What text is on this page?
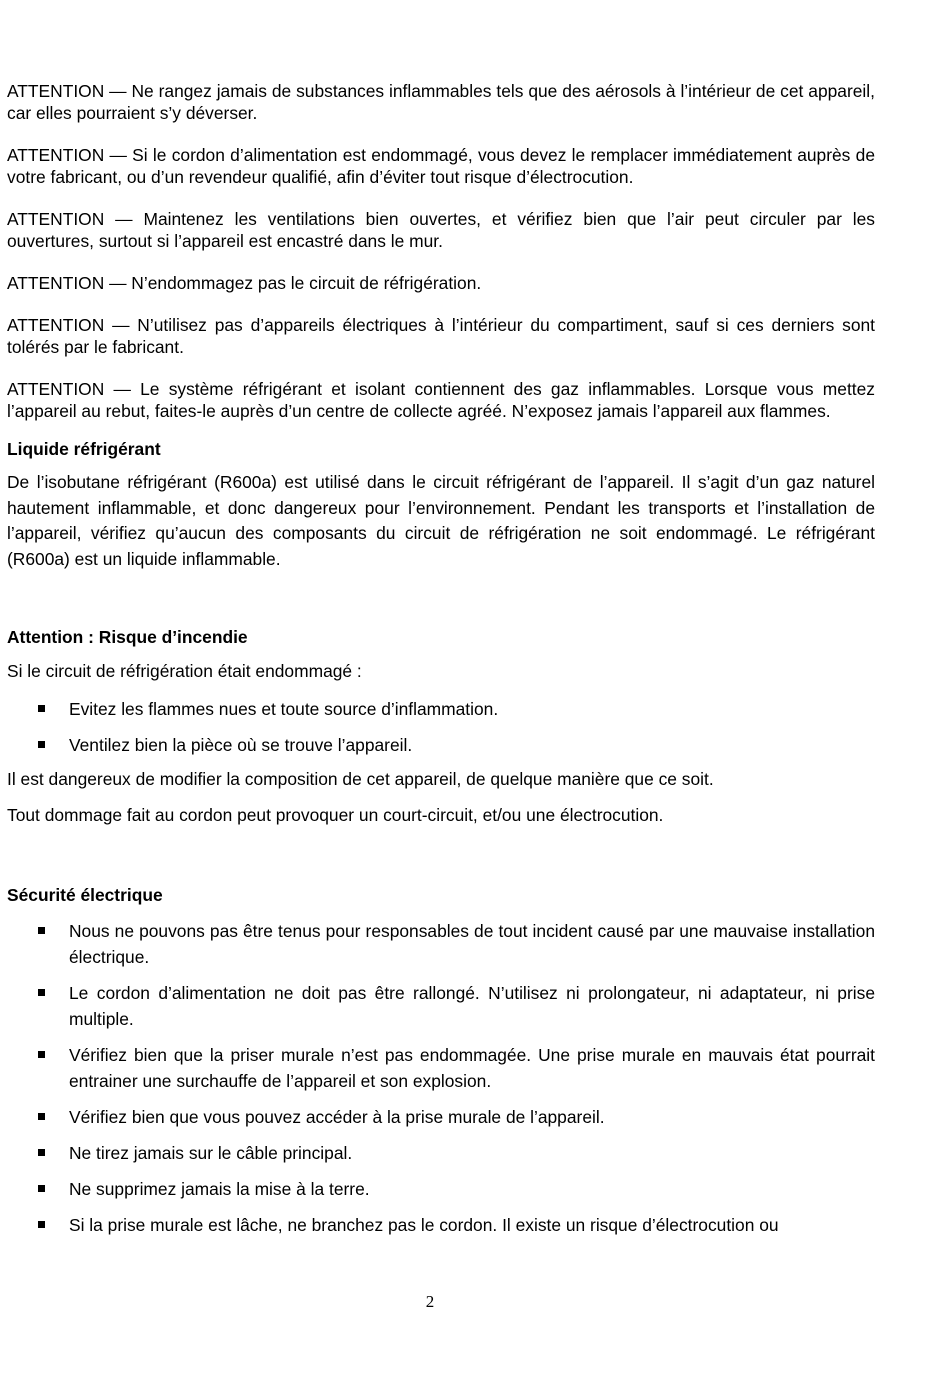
ATTENTION — Ne rangez jamais de substances inflammables tels que des aérosols à l’intérieur de cet appareil, car elles pourraient s’y déverser.

ATTENTION — Si le cordon d’alimentation est endommagé, vous devez le remplacer immédiatement auprès de votre fabricant, ou d’un revendeur qualifié, afin d’éviter tout risque d’électrocution.

ATTENTION — Maintenez les ventilations bien ouvertes, et vérifiez bien que l’air peut circuler par les ouvertures, surtout si l’appareil est encastré dans le mur.

ATTENTION — N’endommagez pas le circuit de réfrigération.

ATTENTION — N’utilisez pas d’appareils électriques à l’intérieur du compartiment, sauf si ces derniers sont tolérés par le fabricant.

ATTENTION — Le système réfrigérant et isolant contiennent des gaz inflammables. Lorsque vous mettez l’appareil au rebut, faites-le auprès d’un centre de collecte agréé. N’exposez jamais l’appareil aux flammes.

Liquide réfrigérant

De l’isobutane réfrigérant (R600a) est utilisé dans le circuit réfrigérant de l’appareil. Il s’agit d’un gaz naturel hautement inflammable, et donc dangereux pour l’environnement. Pendant les transports et l’installation de l’appareil, vérifiez qu’aucun des composants du circuit de réfrigération ne soit endommagé. Le réfrigérant (R600a) est un liquide inflammable.

Attention : Risque d’incendie

Si le circuit de réfrigération était endommagé :

Evitez les flammes nues et toute source d’inflammation.
Ventilez bien la pièce où se trouve l’appareil.

Il est dangereux de modifier la composition de cet appareil, de quelque manière que ce soit.

Tout dommage fait au cordon peut provoquer un court-circuit, et/ou une électrocution.

Sécurité électrique
Nous ne pouvons pas être tenus pour responsables de tout incident causé par une mauvaise installation électrique.
Le cordon d’alimentation ne doit pas être rallongé. N’utilisez ni prolongateur, ni adaptateur, ni prise multiple.
Vérifiez bien que la priser murale n’est pas endommagée. Une prise murale en mauvais état pourrait entrainer une surchauffe de l’appareil et son explosion.
Vérifiez bien que vous pouvez accéder à la prise murale de l’appareil.
Ne tirez jamais sur le câble principal.
Ne supprimez jamais la mise à la terre.
Si la prise murale est lâche, ne branchez pas le cordon. Il existe un risque d’électrocution ou
2
